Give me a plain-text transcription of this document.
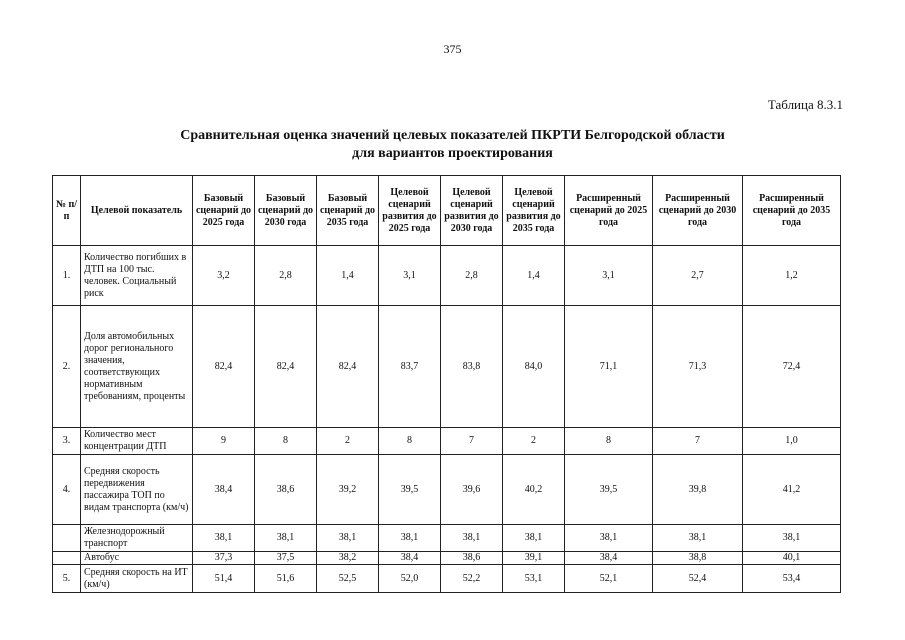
375
Таблица 8.3.1
Сравнительная оценка значений целевых показателей ПКРТИ Белгородской области
для вариантов проектирования
№ п/п	Целевой показатель	Базовый сценарий до 2025 года	Базовый сценарий до 2030 года	Базовый сценарий до 2035 года	Целевой сценарий развития до 2025 года	Целевой сценарий развития до 2030 года	Целевой сценарий развития до 2035 года	Расширенный сценарий до 2025 года	Расширенный сценарий до 2030 года	Расширенный сценарий до 2035 года
1.	Количество погибших в ДТП на 100 тыс. человек. Социальный риск	3,2	2,8	1,4	3,1	2,8	1,4	3,1	2,7	1,2
2.	Доля автомобильных дорог регионального значения, соответствующих нормативным требованиям, проценты	82,4	82,4	82,4	83,7	83,8	84,0	71,1	71,3	72,4
3.	Количество мест концентрации ДТП	9	8	2	8	7	2	8	7	1,0
4.	Средняя скорость передвижения пассажира ТОП по видам транспорта (км/ч)	38,4	38,6	39,2	39,5	39,6	40,2	39,5	39,8	41,2
	Железнодорожный транспорт	38,1	38,1	38,1	38,1	38,1	38,1	38,1	38,1	38,1
	Автобус	37,3	37,5	38,2	38,4	38,6	39,1	38,4	38,8	40,1
5.	Средняя скорость на ИТ (км/ч)	51,4	51,6	52,5	52,0	52,2	53,1	52,1	52,4	53,4
